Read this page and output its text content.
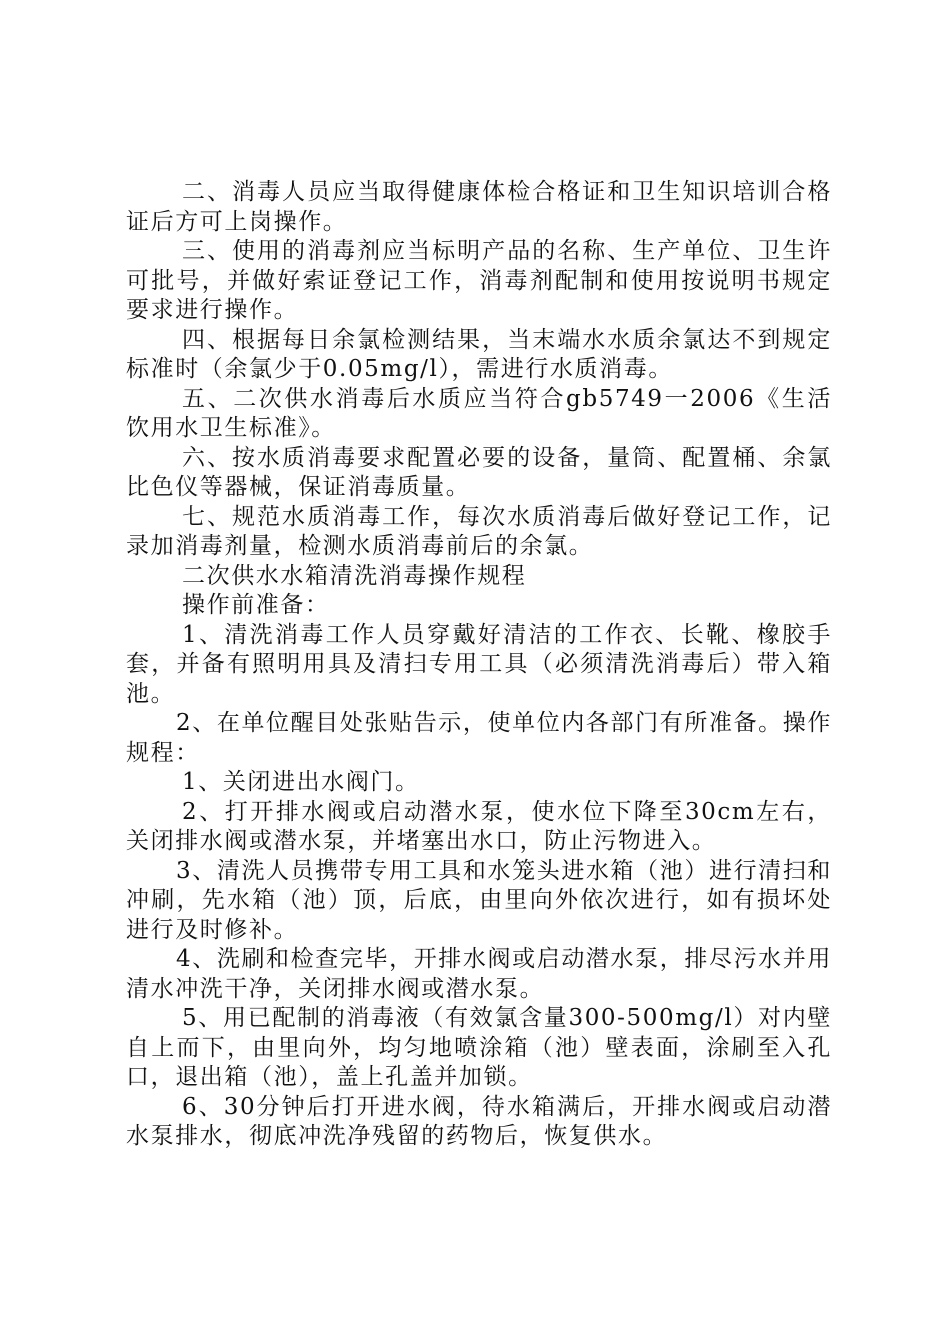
二、消毒人员应当取得健康体检合格证和卫生知识培训合格证后方可上岗操作。

三、使用的消毒剂应当标明产品的名称、生产单位、卫生许可批号，并做好索证登记工作，消毒剂配制和使用按说明书规定要求进行操作。

四、根据每日余氯检测结果，当末端水水质余氯达不到规定标准时（余氯少于0.05mg/l），需进行水质消毒。

五、二次供水消毒后水质应当符合gb5749一2006《生活饮用水卫生标准》。

六、按水质消毒要求配置必要的设备，量筒、配置桶、余氯比色仪等器械，保证消毒质量。

七、规范水质消毒工作，每次水质消毒后做好登记工作，记录加消毒剂量，检测水质消毒前后的余氯。

二次供水水箱清洗消毒操作规程

操作前准备：

1、清洗消毒工作人员穿戴好清洁的工作衣、长靴、橡胶手套，并备有照明用具及清扫专用工具（必须清洗消毒后）带入箱池。

2、在单位醒目处张贴告示，使单位内各部门有所准备。操作规程：

1、关闭进出水阀门。

2、打开排水阀或启动潜水泵，使水位下降至30cm左右，关闭排水阀或潜水泵，并堵塞出水口，防止污物进入。

3、清洗人员携带专用工具和水笼头进水箱（池）进行清扫和冲刷，先水箱（池）顶，后底，由里向外依次进行，如有损坏处进行及时修补。

4、洗刷和检查完毕，开排水阀或启动潜水泵，排尽污水并用清水冲洗干净，关闭排水阀或潜水泵。

5、用已配制的消毒液（有效氯含量300-500mg/l）对内壁自上而下，由里向外，均匀地喷涂箱（池）壁表面，涂刷至入孔口，退出箱（池），盖上孔盖并加锁。

6、30分钟后打开进水阀，待水箱满后，开排水阀或启动潜水泵排水，彻底冲洗净残留的药物后，恢复供水。
